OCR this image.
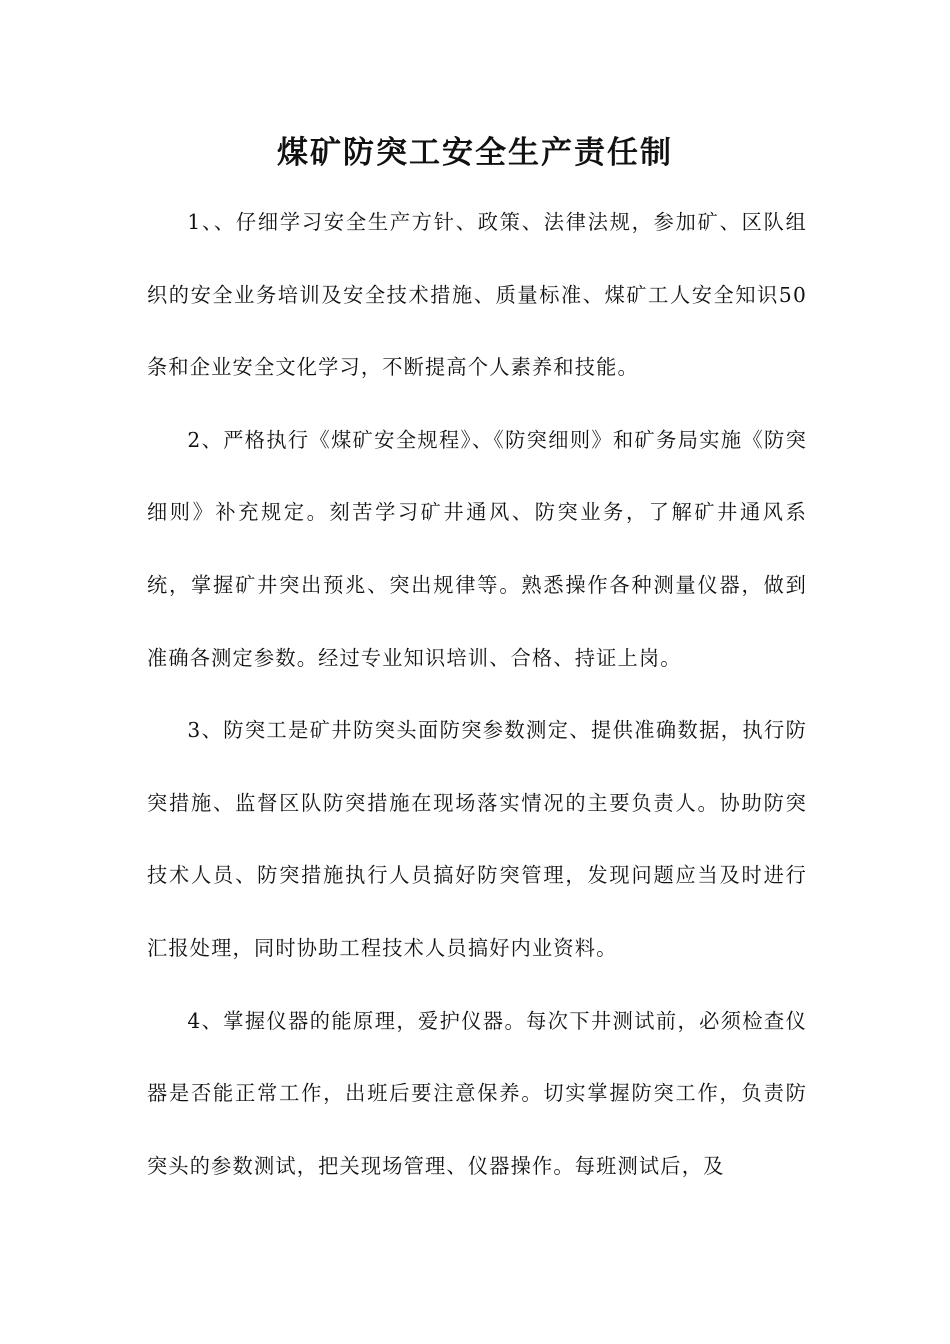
煤矿防突工安全生产责任制

1、、仔细学习安全生产方针、政策、法律法规，参加矿、区队组织的安全业务培训及安全技术措施、质量标准、煤矿工人安全知识50条和企业安全文化学习，不断提高个人素养和技能。

2、严格执行《煤矿安全规程》、《防突细则》和矿务局实施《防突细则》补充规定。刻苦学习矿井通风、防突业务，了解矿井通风系统，掌握矿井突出预兆、突出规律等。熟悉操作各种测量仪器，做到准确各测定参数。经过专业知识培训、合格、持证上岗。

3、防突工是矿井防突头面防突参数测定、提供准确数据，执行防突措施、监督区队防突措施在现场落实情况的主要负责人。协助防突技术人员、防突措施执行人员搞好防突管理，发现问题应当及时进行汇报处理，同时协助工程技术人员搞好内业资料。

4、掌握仪器的能原理，爱护仪器。每次下井测试前，必须检查仪器是否能正常工作，出班后要注意保养。切实掌握防突工作，负责防突头的参数测试，把关现场管理、仪器操作。每班测试后，及
